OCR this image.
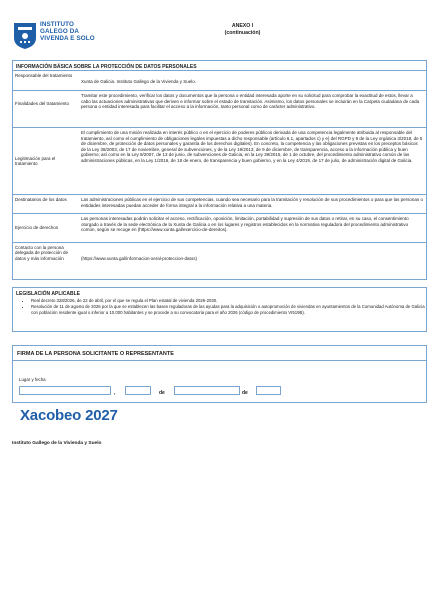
INSTITUTO
GALEGO DA
VIVENDA E SOLO
ANEXO I
(continuación)
INFORMACIÓN BÁSICA SOBRE LA PROTECCIÓN DE DATOS PERSONALES
Responsable del tratamiento
Xunta de Galicia. Instituto Gallego de la Vivienda y Suelo.
Finalidades del tratamiento
Tramitar este procedimiento, verificar los datos y documentos que la persona o entidad interesada aporte en su solicitud para comprobar la exactitud de estos, llevar a cabo las actuaciones administrativas que deriven e informar sobre el estado de tramitación. Asimismo, los datos personales se incluirán en la Carpeta ciudadana de cada persona o entidad interesada para facilitar el acceso a la información, tanto personal como de carácter administrativo.
Legitimación para el tratamiento
El cumplimiento de una misión realizada en interés público o en el ejercicio de poderes públicos derivada de una competencia legalmente atribuida al responsable del tratamiento, así como el cumplimiento de obligaciones legales impuestas a dicho responsable (artículo 6.1, apartados c) y e) del RGPD y 8 de la Ley orgánica 3/2018, de 5 de diciembre, de protección de datos personales y garantía de los derechos digitales). En concreto, la competencia y las obligaciones previstas en los preceptos básicos de la Ley 38/2003, de 17 de noviembre, general de subvenciones, y de la Ley 19/2013, de 9 de diciembre, de transparencia, acceso a la información pública y buen gobierno; así como en la Ley 9/2007, de 13 de junio, de subvenciones de Galicia, en la Ley 39/2015, de 1 de octubre, del procedimiento administrativo común de las administraciones públicas, en la Ley 1/2016, de 18 de enero, de transparencia y buen gobierno, y en la Ley 4/2019, de 17 de julio, de administración digital de Galicia.
Destinatarios de los datos	Las administraciones públicas en el ejercicio de sus competencias, cuando sea necesario para la tramitación y resolución de sus procedimientos o para que las personas o entidades interesadas puedan acceder de forma integral a la información relativa a una materia.
Ejercicio de derechos
Las personas interesadas podrán solicitar el acceso, rectificación, oposición, limitación, portabilidad y supresión de sus datos o retirar, en su caso, el consentimiento otorgado a través de la sede electrónica de la Xunta de Galicia o en los lugares y registros establecidos en la normativa reguladora del procedimiento administrativo común, según se recoge en (https://www.xunta.gal/exercicio-de-dereitos).
Contacto con la persona delegada de protección de datos y más información	(https://www.xunta.gal/informacion-xeral-proteccion-datos)
LEGISLACIÓN APLICABLE
• Real decreto 328/2026, de 22 de abril, por el que se regula el Plan estatal de vivienda 2026-2030.
• Resolución de 11 de agosto de 2026 por la que se establecen las bases reguladoras de las ayudas para la adquisición o autopromoción de viviendas en ayuntamientos de la Comunidad Autónoma de Galicia con población residente igual o inferior a 10.000 habitantes y se procede a su convocatoria para el año 2026 (código de procedimiento VI519B).
FIRMA DE LA PERSONA SOLICITANTE O REPRESENTANTE
Lugar y fecha
,	de	de
Xacobeo 2027
Instituto Gallego de la Vivienda y Suelo
